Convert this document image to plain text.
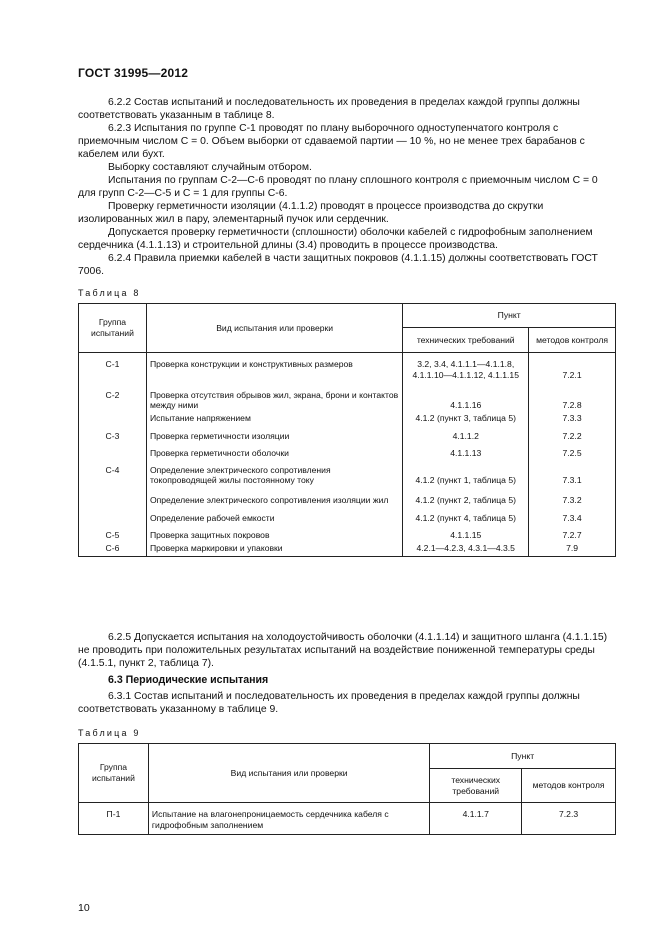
ГОСТ 31995—2012
6.2.2 Состав испытаний и последовательность их проведения в пределах каждой группы должны соответствовать указанным в таблице 8.
6.2.3 Испытания по группе С-1 проводят по плану выборочного одноступенчатого контроля с приемочным числом С = 0. Объем выборки от сдаваемой партии — 10 %, но не менее трех барабанов с кабелем или бухт.
Выборку составляют случайным отбором.
Испытания по группам С-2—С-6 проводят по плану сплошного контроля с приемочным числом С = 0 для групп С-2—С-5 и С = 1 для группы С-6.
Проверку герметичности изоляции (4.1.1.2) проводят в процессе производства до скрутки изолированных жил в пару, элементарный пучок или сердечник.
Допускается проверку герметичности (сплошности) оболочки кабелей с гидрофобным заполнением сердечника (4.1.1.13) и строительной длины (3.4) проводить в процессе производства.
6.2.4 Правила приемки кабелей в части защитных покровов (4.1.1.15) должны соответствовать ГОСТ 7006.
Таблица 8
Группа испытаний	Вид испытания или проверки	Пункт	
		технических требований	методов контроля
С-1	Проверка конструкции и конструктивных размеров	3.2, 3.4, 4.1.1.1—4.1.1.8, 4.1.1.10—4.1.1.12, 4.1.1.15	7.2.1
С-2	Проверка отсутствия обрывов жил, экрана, брони и контактов между ними	4.1.1.16	7.2.8
	Испытание напряжением	4.1.2 (пункт 3, таблица 5)	7.3.3
С-3	Проверка герметичности изоляции	4.1.1.2	7.2.2
	Проверка герметичности оболочки	4.1.1.13	7.2.5
С-4	Определение электрического сопротивления токопроводящей жилы постоянному току	4.1.2 (пункт 1, таблица 5)	7.3.1
	Определение электрического сопротивления изоляции жил	4.1.2 (пункт 2, таблица 5)	7.3.2
	Определение рабочей емкости	4.1.2 (пункт 4, таблица 5)	7.3.4
С-5	Проверка защитных покровов	4.1.1.15	7.2.7
С-6	Проверка маркировки и упаковки	4.2.1—4.2.3, 4.3.1—4.3.5	7.9
6.2.5 Допускается испытания на холодоустойчивость оболочки (4.1.1.14) и защитного шланга (4.1.1.15) не проводить при положительных результатах испытаний на воздействие пониженной температуры среды (4.1.5.1, пункт 2, таблица 7).
6.3 Периодические испытания
6.3.1 Состав испытаний и последовательность их проведения в пределах каждой группы должны соответствовать указанному в таблице 9.
Таблица 9
Группа испытаний	Вид испытания или проверки	Пункт	
		технических требований	методов контроля
П-1	Испытание на влагонепроницаемость сердечника кабеля с гидрофобным заполнением	4.1.1.7	7.2.3
10
